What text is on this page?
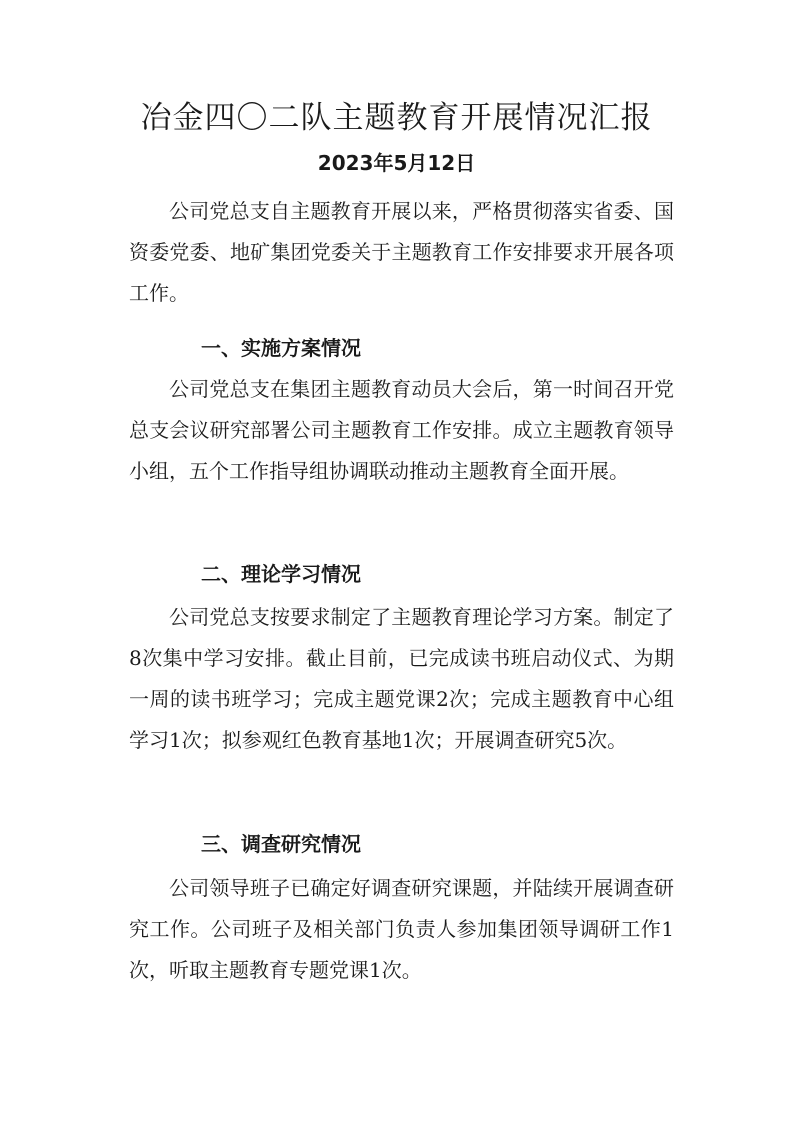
冶金四〇二队主题教育开展情况汇报
2023年5月12日

公司党总支自主题教育开展以来，严格贯彻落实省委、国资委党委、地矿集团党委关于主题教育工作安排要求开展各项工作。

一、实施方案情况

公司党总支在集团主题教育动员大会后，第一时间召开党总支会议研究部署公司主题教育工作安排。成立主题教育领导小组，五个工作指导组协调联动推动主题教育全面开展。

二、理论学习情况

公司党总支按要求制定了主题教育理论学习方案。制定了8次集中学习安排。截止目前，已完成读书班启动仪式、为期一周的读书班学习；完成主题党课2次；完成主题教育中心组学习1次；拟参观红色教育基地1次；开展调查研究5次。

三、调查研究情况

公司领导班子已确定好调查研究课题，并陆续开展调查研究工作。公司班子及相关部门负责人参加集团领导调研工作1次，听取主题教育专题党课1次。
